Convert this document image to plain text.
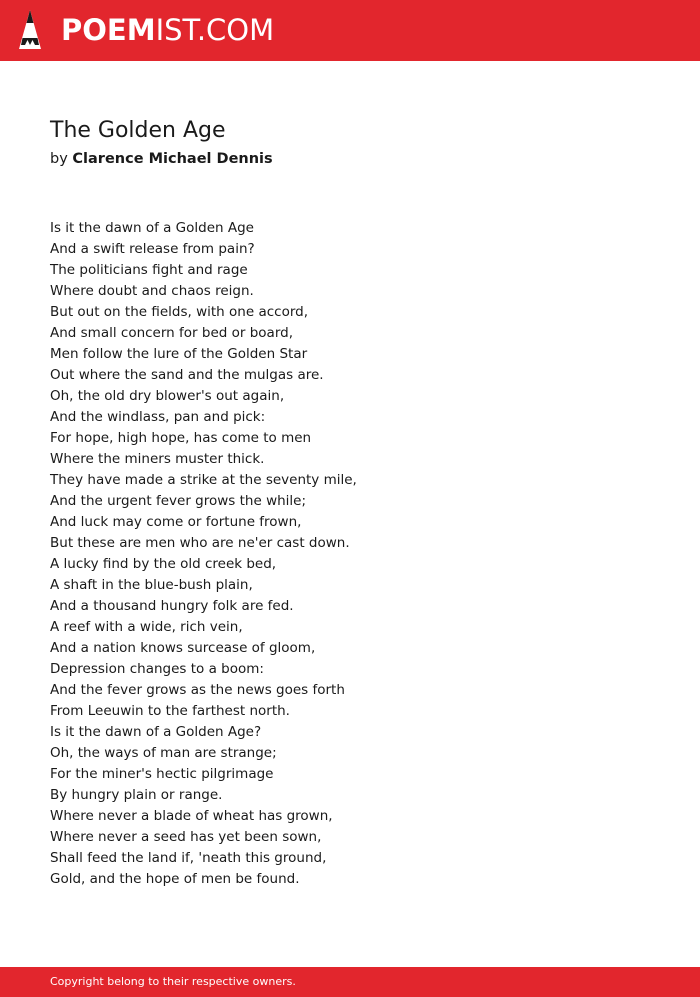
POEMIST.COM
The Golden Age
by Clarence Michael Dennis
Is it the dawn of a Golden Age
And a swift release from pain?
The politicians fight and rage
Where doubt and chaos reign.
But out on the fields, with one accord,
And small concern for bed or board,
Men follow the lure of the Golden Star
Out where the sand and the mulgas are.
Oh, the old dry blower's out again,
And the windlass, pan and pick:
For hope, high hope, has come to men
Where the miners muster thick.
They have made a strike at the seventy mile,
And the urgent fever grows the while;
And luck may come or fortune frown,
But these are men who are ne'er cast down.
A lucky find by the old creek bed,
A shaft in the blue-bush plain,
And a thousand hungry folk are fed.
A reef with a wide, rich vein,
And a nation knows surcease of gloom,
Depression changes to a boom:
And the fever grows as the news goes forth
From Leeuwin to the farthest north.
Is it the dawn of a Golden Age?
Oh, the ways of man are strange;
For the miner's hectic pilgrimage
By hungry plain or range.
Where never a blade of wheat has grown,
Where never a seed has yet been sown,
Shall feed the land if, 'neath this ground,
Gold, and the hope of men be found.
Copyright belong to their respective owners.
